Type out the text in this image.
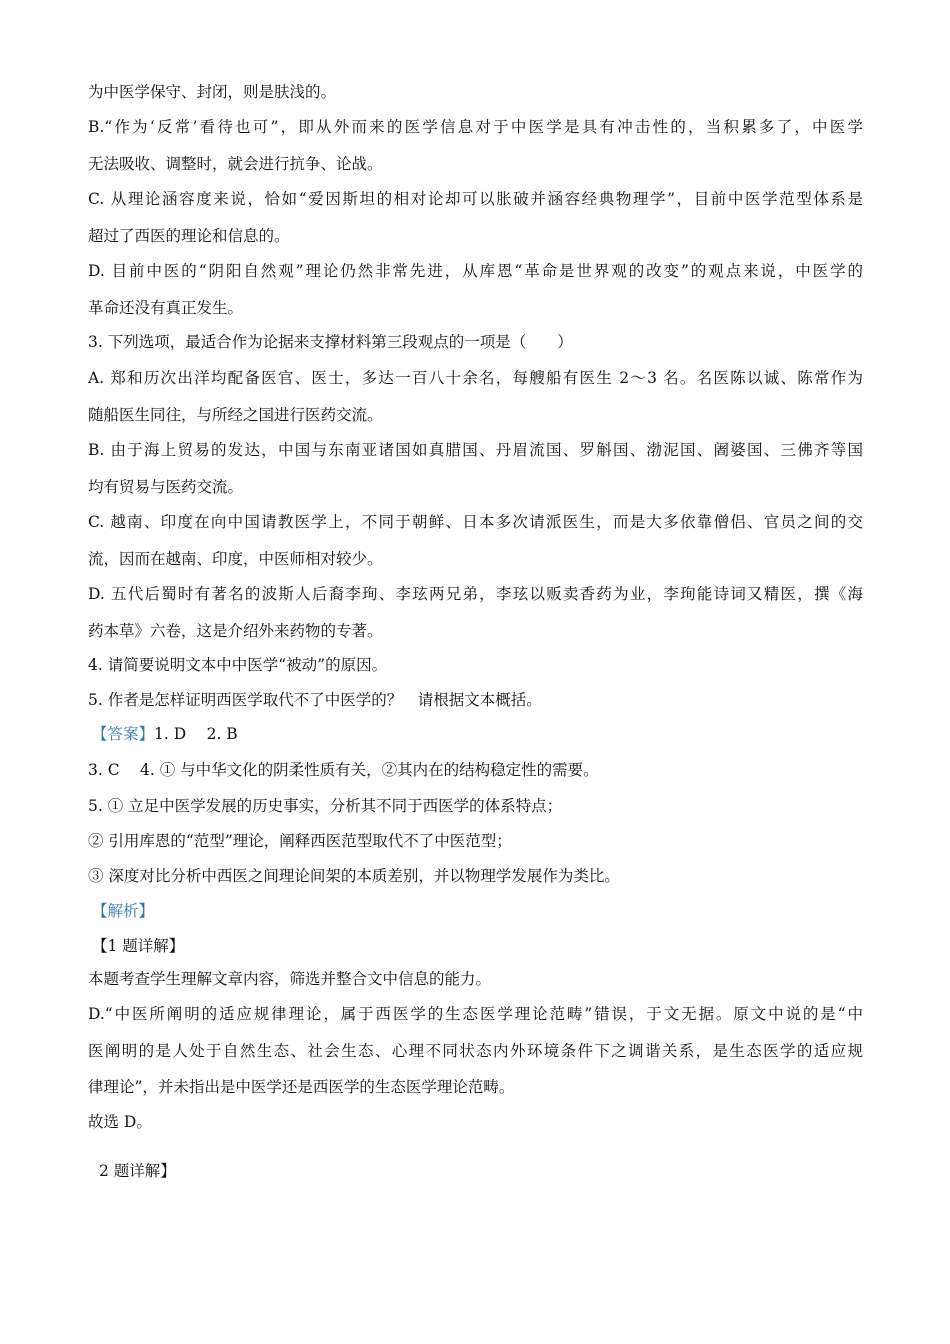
为中医学保守、封闭，则是肤浅的。
B.“作为‘反常’看待也可”，即从外而来的医学信息对于中医学是具有冲击性的，当积累多了，中医学
无法吸收、调整时，就会进行抗争、论战。
C. 从理论涵容度来说，恰如“爱因斯坦的相对论却可以胀破并涵容经典物理学”，目前中医学范型体系是
超过了西医的理论和信息的。
D. 目前中医的“阴阳自然观”理论仍然非常先进，从库恩“革命是世界观的改变”的观点来说，中医学的
革命还没有真正发生。
3. 下列选项，最适合作为论据来支撑材料第三段观点的一项是（　　）
A. 郑和历次出洋均配备医官、医士，多达一百八十余名，每艘船有医生 2～3 名。名医陈以诚、陈常作为
随船医生同往，与所经之国进行医药交流。
B. 由于海上贸易的发达，中国与东南亚诸国如真腊国、丹眉流国、罗斛国、渤泥国、阇婆国、三佛齐等国
均有贸易与医药交流。
C. 越南、印度在向中国请教医学上，不同于朝鲜、日本多次请派医生，而是大多依靠僧侣、官员之间的交
流，因而在越南、印度，中医师相对较少。
D. 五代后蜀时有著名的波斯人后裔李珣、李玹两兄弟，李玹以贩卖香药为业，李珣能诗词又精医，撰《海
药本草》六卷，这是介绍外来药物的专著。
4. 请简要说明文本中中医学“被动”的原因。
5. 作者是怎样证明西医学取代不了中医学的？　请根据文本概括。
【答案】1. D　 2. B
3. C　 4. ① 与中华文化的阴柔性质有关，②其内在的结构稳定性的需要。
5. ① 立足中医学发展的历史事实，分析其不同于西医学的体系特点；
② 引用库恩的“范型”理论，阐释西医范型取代不了中医范型；
③ 深度对比分析中西医之间理论间架的本质差别，并以物理学发展作为类比。
【解析】
【1 题详解】
本题考查学生理解文章内容，筛选并整合文中信息的能力。
D.“中医所阐明的适应规律理论，属于西医学的生态医学理论范畴”错误，于文无据。原文中说的是“中
医阐明的是人处于自然生态、社会生态、心理不同状态内外环境条件下之调谐关系，是生态医学的适应规
律理论”，并未指出是中医学还是西医学的生态医学理论范畴。
故选 D。
2 题详解】
